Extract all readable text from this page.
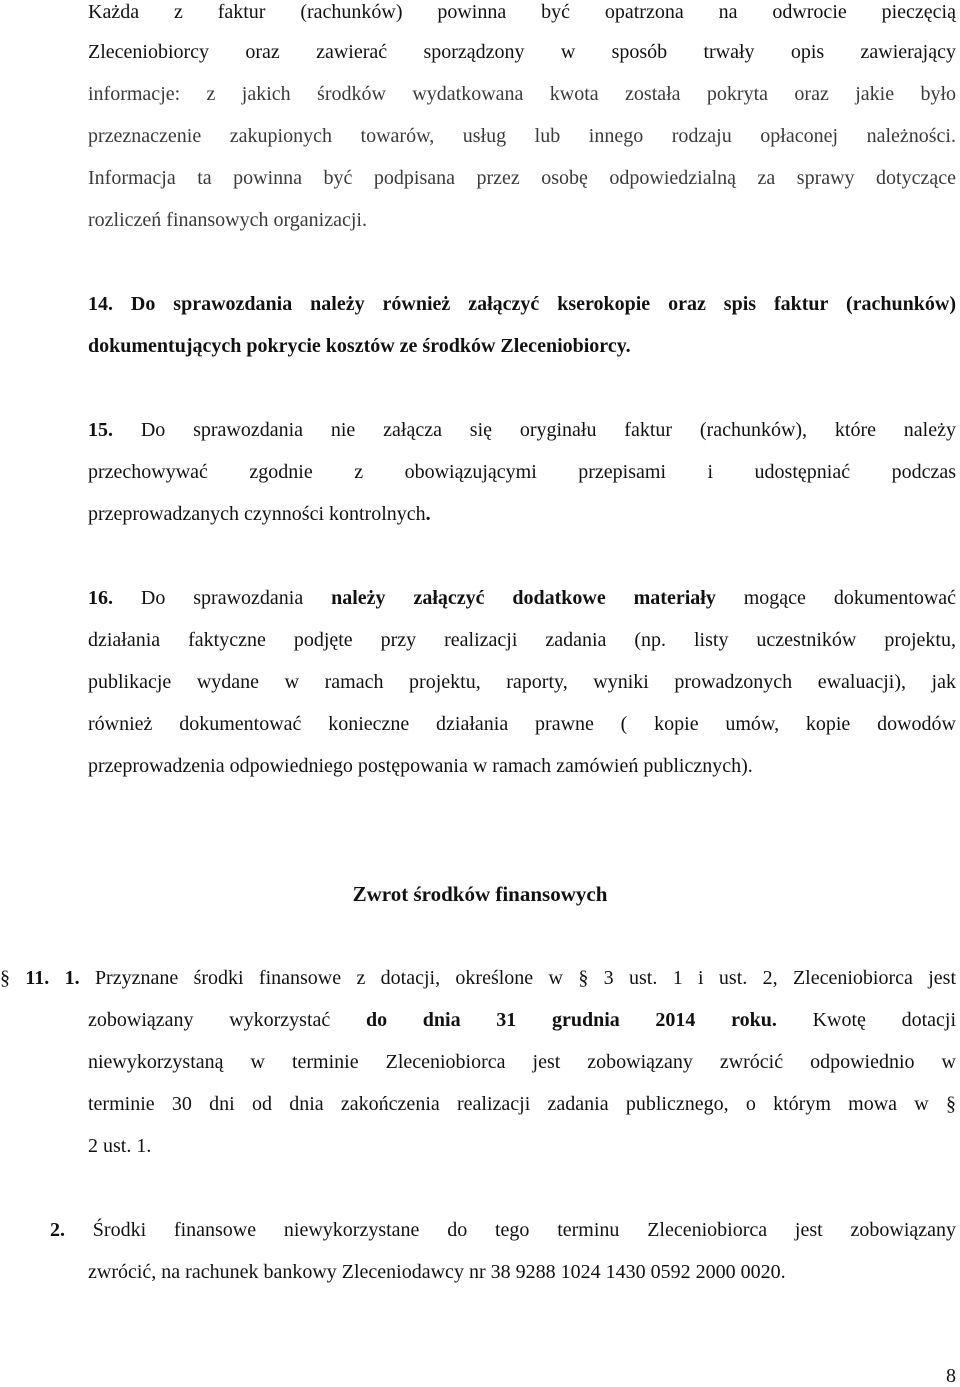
Każda z faktur (rachunków) powinna być opatrzona na odwrocie pieczęcią
Zleceniobiorcy oraz zawierać sporządzony w sposób trwały opis zawierający
informacje: z jakich środków wydatkowana kwota została pokryta oraz jakie było
przeznaczenie zakupionych towarów, usług lub innego rodzaju opłaconej należności.
Informacja ta powinna być podpisana przez osobę odpowiedzialną za sprawy dotyczące
rozliczeń finansowych organizacji.
14. Do sprawozdania należy również załączyć kserokopie oraz spis faktur (rachunków)
dokumentujących pokrycie kosztów ze środków Zleceniobiorcy.
15. Do sprawozdania nie załącza się oryginału faktur (rachunków), które należy
przechowywać zgodnie z obowiązującymi przepisami i udostępniać podczas
przeprowadzanych czynności kontrolnych.
16. Do sprawozdania należy załączyć dodatkowe materiały mogące dokumentować
działania faktyczne podjęte przy realizacji zadania (np. listy uczestników projektu,
publikacje wydane w ramach projektu, raporty, wyniki prowadzonych ewaluacji), jak
również dokumentować konieczne działania prawne ( kopie umów, kopie dowodów
przeprowadzenia odpowiedniego postępowania w ramach zamówień publicznych).
Zwrot środków finansowych
§ 11. 1. Przyznane środki finansowe z dotacji, określone w § 3 ust. 1 i ust. 2, Zleceniobiorca jest
zobowiązany wykorzystać do dnia 31 grudnia 2014 roku. Kwotę dotacji
niewykorzystaną w terminie Zleceniobiorca jest zobowiązany zwrócić odpowiednio w
terminie 30 dni od dnia zakończenia realizacji zadania publicznego, o którym mowa w §
2 ust. 1.
2. Środki finansowe niewykorzystane do tego terminu Zleceniobiorca jest zobowiązany
zwrócić, na rachunek bankowy Zleceniodawcy nr 38 9288 1024 1430 0592 2000 0020.
8
